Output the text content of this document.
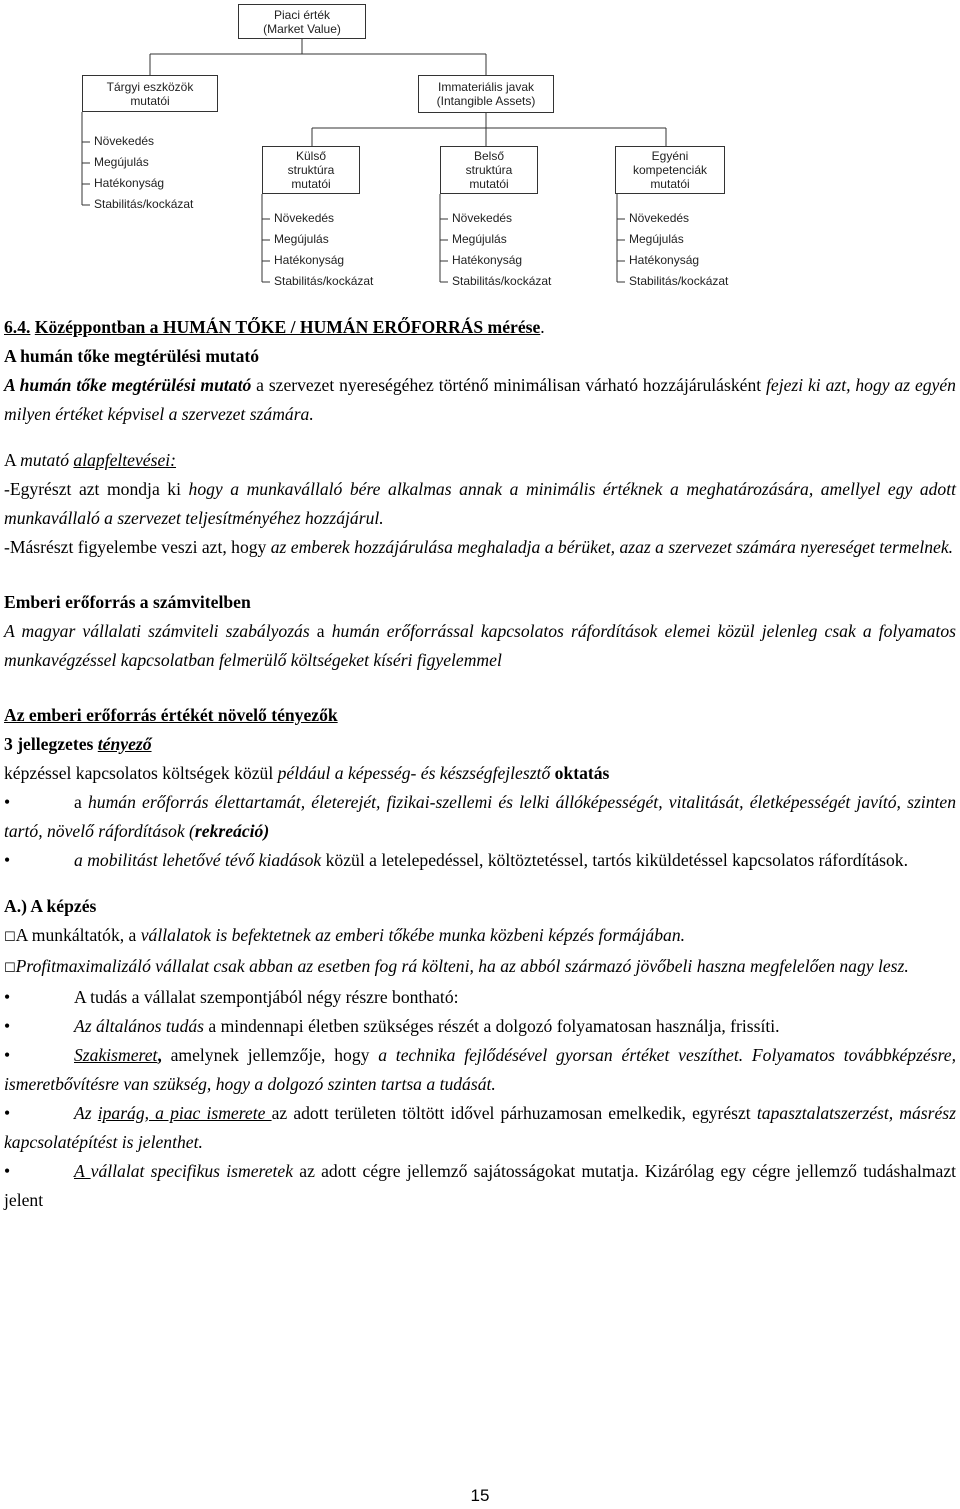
Piaci érték
(Market Value)
Tárgyi eszközök
mutatói
Immateriális javak
(Intangible Assets)
Növekedés
Megújulás
Hatékonyság
Stabilitás/kockázat
Külső
struktúra
mutatói
Belső
struktúra
mutatói
Egyéni
kompetenciák
mutatói
Növekedés
Megújulás
Hatékonyság
Stabilitás/kockázat
Növekedés
Megújulás
Hatékonyság
Stabilitás/kockázat
Növekedés
Megújulás
Hatékonyság
Stabilitás/kockázat

6.4. Középpontban a HUMÁN TŐKE / HUMÁN ERŐFORRÁS mérése.

A humán tőke megtérülési mutató

A humán tőke megtérülési mutató a szervezet nyereségéhez történő minimálisan várható hozzájárulásként fejezi ki azt, hogy az egyén milyen értéket képvisel a szervezet számára.

A mutató alapfeltevései:

-Egyrészt azt mondja ki hogy a munkavállaló bére alkalmas annak a minimális értéknek a meghatározására, amellyel egy adott munkavállaló a szervezet teljesítményéhez hozzájárul.

-Másrészt figyelembe veszi azt, hogy az emberek hozzájárulása meghaladja a bérüket, azaz a szervezet számára nyereséget termelnek.

Emberi erőforrás a számvitelben

A magyar vállalati számviteli szabályozás a humán erőforrással kapcsolatos ráfordítások elemei közül jelenleg csak a folyamatos munkavégzéssel kapcsolatban felmerülő költségeket kíséri figyelemmel

Az emberi erőforrás értékét növelő tényezők

3 jellegzetes tényező

képzéssel kapcsolatos költségek közül például a képesség- és készségfejlesztő oktatás

•	a humán erőforrás élettartamát, életerejét, fizikai-szellemi és lelki állóképességét, vitalitását, életképességét javító, szinten tartó, növelő ráfordítások (rekreáció)

•	a mobilitást lehetővé tévő kiadások közül a letelepedéssel, költöztetéssel, tartós kiküldetéssel kapcsolatos ráfordítások.

A.) A képzés

☐A munkáltatók, a vállalatok is befektetnek az emberi tőkébe munka közbeni képzés formájában.

☐Profitmaximalizáló vállalat csak abban az esetben fog rá költeni, ha az abból származó jövőbeli haszna megfelelően nagy lesz.

•	A tudás a vállalat szempontjából négy részre bontható:

•	Az általános tudás a mindennapi életben szükséges részét a dolgozó folyamatosan használja, frissíti.

•	Szakismeret, amelynek jellemzője, hogy a technika fejlődésével gyorsan értéket veszíthet. Folyamatos továbbképzésre, ismeretbővítésre van szükség, hogy a dolgozó szinten tartsa a tudását.

•	Az iparág, a piac ismerete az adott területen töltött idővel párhuzamosan emelkedik, egyrészt tapasztalatszerzést, másrész kapcsolatépítést is jelenthet.

•	A vállalat specifikus ismeretek az adott cégre jellemző sajátosságokat mutatja. Kizárólag egy cégre jellemző tudáshalmazt jelent

15
